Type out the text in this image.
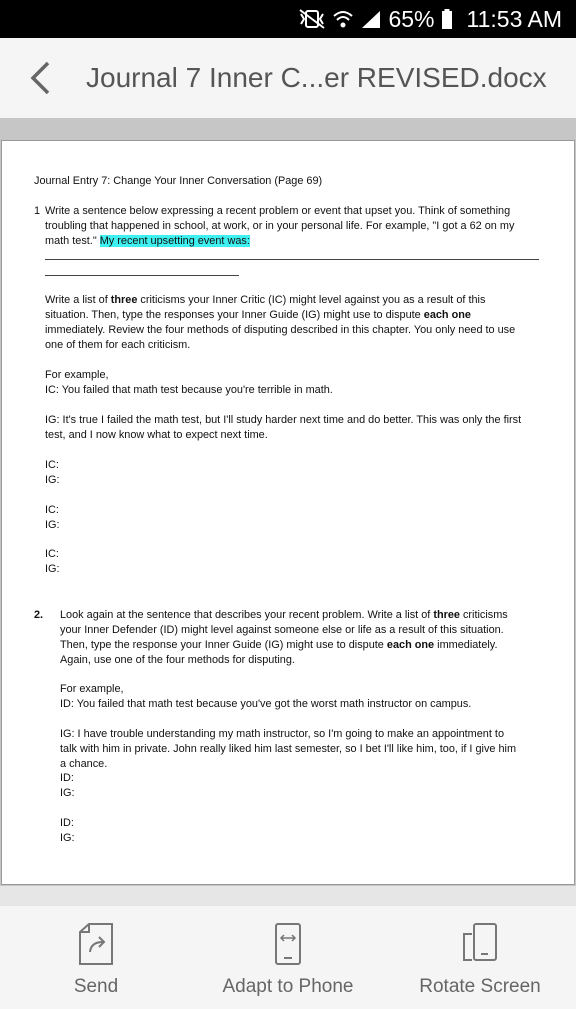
65% 11:53 AM
Journal 7 Inner C...er REVISED.docx

Journal Entry 7: Change Your Inner Conversation (Page 69)

1 Write a sentence below expressing a recent problem or event that upset you. Think of something

troubling that happened in school, at work, or in your personal life. For example, "I got a 62 on my

math test." My recent upsetting event was:

Write a list of three criticisms your Inner Critic (IC) might level against you as a result of this

situation. Then, type the responses your Inner Guide (IG) might use to dispute each one

immediately. Review the four methods of disputing described in this chapter. You only need to use

one of them for each criticism.

For example,

IC: You failed that math test because you're terrible in math.

IG: It's true I failed the math test, but I'll study harder next time and do better. This was only the first

test, and I now know what to expect next time.

IC:

IG:

IC:

IG:

IC:

IG:

2. Look again at the sentence that describes your recent problem. Write a list of three criticisms

your Inner Defender (ID) might level against someone else or life as a result of this situation.

Then, type the response your Inner Guide (IG) might use to dispute each one immediately.

Again, use one of the four methods for disputing.

For example,

ID: You failed that math test because you've got the worst math instructor on campus.

IG: I have trouble understanding my math instructor, so I'm going to make an appointment to

talk with him in private. John really liked him last semester, so I bet I'll like him, too, if I give him

a chance.

ID:

IG:

ID:

IG:

Send	Adapt to Phone	Rotate Screen
